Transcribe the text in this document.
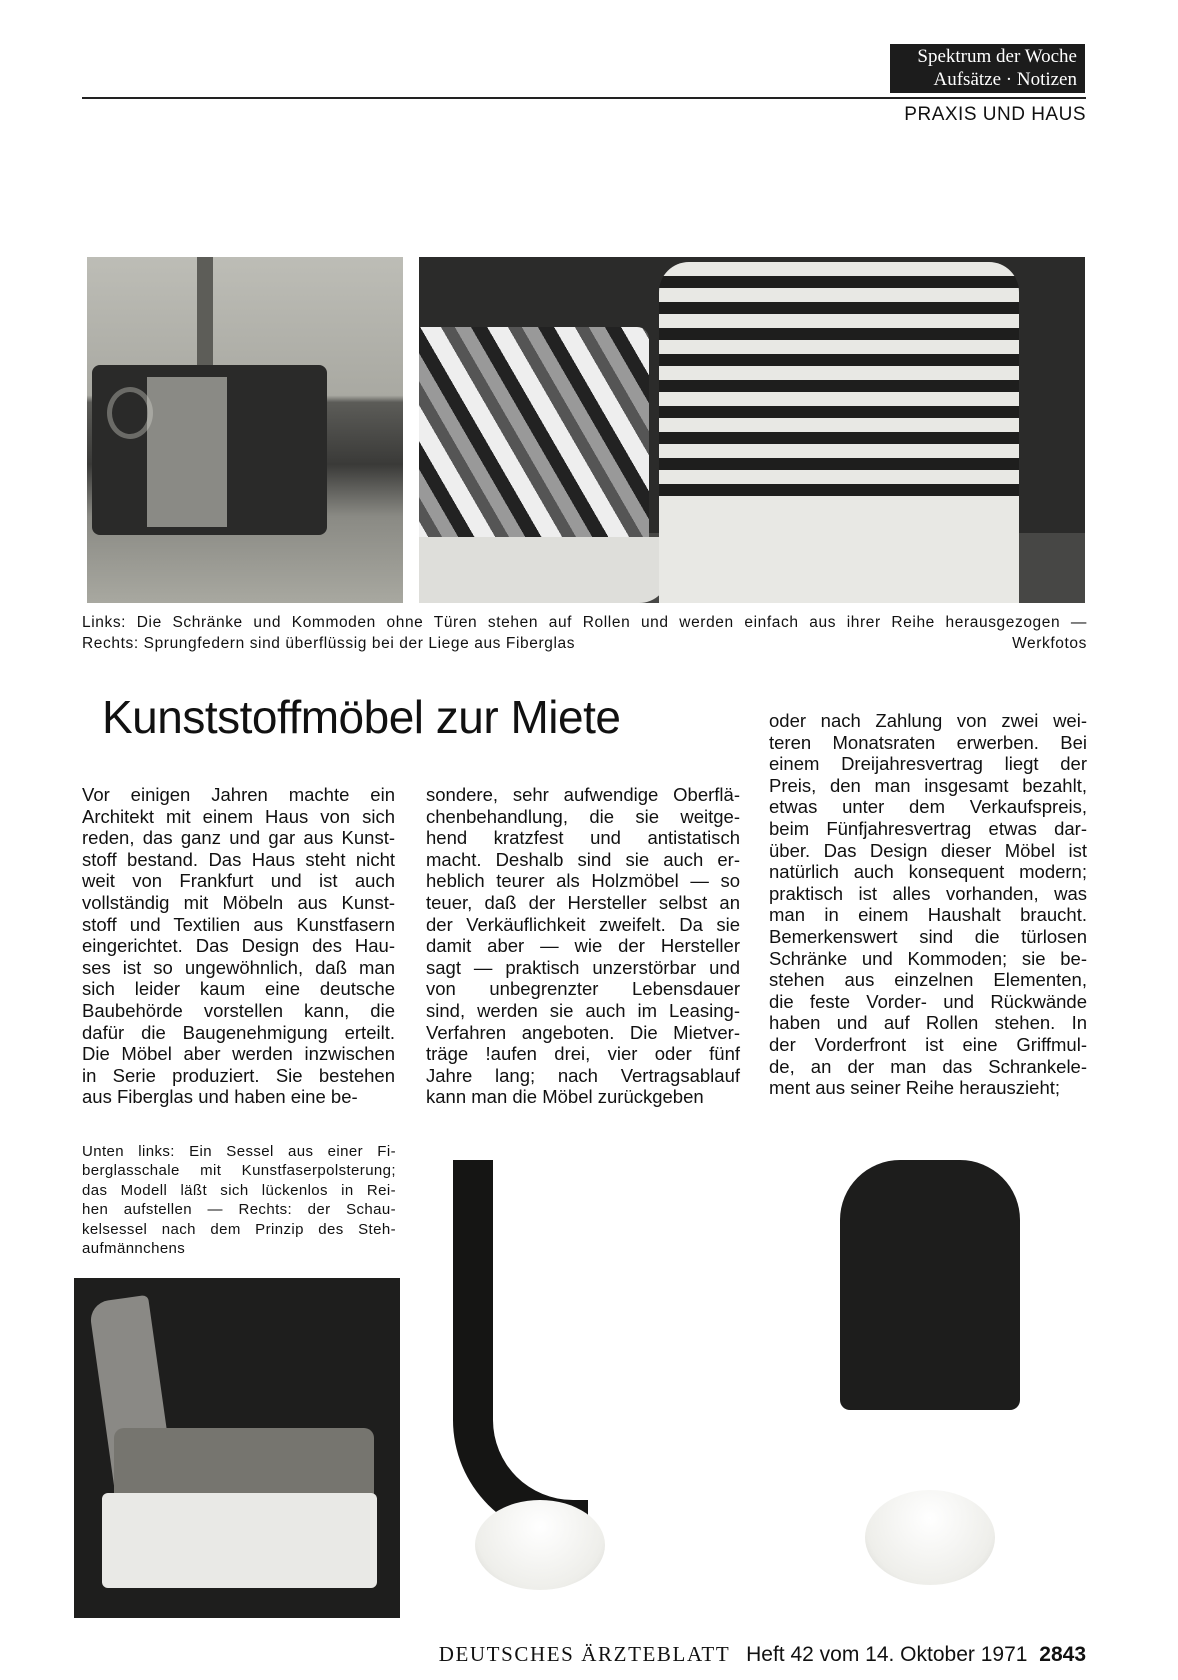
Spektrum der Woche
Aufsätze · Notizen
PRAXIS UND HAUS
Links: Die Schränke und Kommoden ohne Türen stehen auf Rollen und werden einfach aus ihrer Reihe herausgezogen —
Rechts: Sprungfedern sind überflüssig bei der Liege aus Fiberglas	Werkfotos
Kunststoffmöbel zur Miete
Vor einigen Jahren machte ein
Architekt mit einem Haus von sich
reden, das ganz und gar aus Kunst-
stoff bestand. Das Haus steht nicht
weit von Frankfurt und ist auch
vollständig mit Möbeln aus Kunst-
stoff und Textilien aus Kunstfasern
eingerichtet. Das Design des Hau-
ses ist so ungewöhnlich, daß man
sich leider kaum eine deutsche
Baubehörde vorstellen kann, die
dafür die Baugenehmigung erteilt.
Die Möbel aber werden inzwischen
in Serie produziert. Sie bestehen
aus Fiberglas und haben eine be-
sondere, sehr aufwendige Oberflä-
chenbehandlung, die sie weitge-
hend kratzfest und antistatisch
macht. Deshalb sind sie auch er-
heblich teurer als Holzmöbel — so
teuer, daß der Hersteller selbst an
der Verkäuflichkeit zweifelt. Da sie
damit aber — wie der Hersteller
sagt — praktisch unzerstörbar und
von unbegrenzter Lebensdauer
sind, werden sie auch im Leasing-
Verfahren angeboten. Die Mietver-
träge !aufen drei, vier oder fünf
Jahre lang; nach Vertragsablauf
kann man die Möbel zurückgeben
oder nach Zahlung von zwei wei-
teren Monatsraten erwerben. Bei
einem Dreijahresvertrag liegt der
Preis, den man insgesamt bezahlt,
etwas unter dem Verkaufspreis,
beim Fünfjahresvertrag etwas dar-
über. Das Design dieser Möbel ist
natürlich auch konsequent modern;
praktisch ist alles vorhanden, was
man in einem Haushalt braucht.
Bemerkenswert sind die türlosen
Schränke und Kommoden; sie be-
stehen aus einzelnen Elementen,
die feste Vorder- und Rückwände
haben und auf Rollen stehen. In
der Vorderfront ist eine Griffmul-
de, an der man das Schrankele-
ment aus seiner Reihe herauszieht;
Unten links: Ein Sessel aus einer Fi-
berglasschale mit Kunstfaserpolsterung;
das Modell läßt sich lückenlos in Rei-
hen aufstellen — Rechts: der Schau-
kelsessel nach dem Prinzip des Steh-
aufmännchens
DEUTSCHES ÄRZTEBLATT Heft 42 vom 14. Oktober 1971 2843
